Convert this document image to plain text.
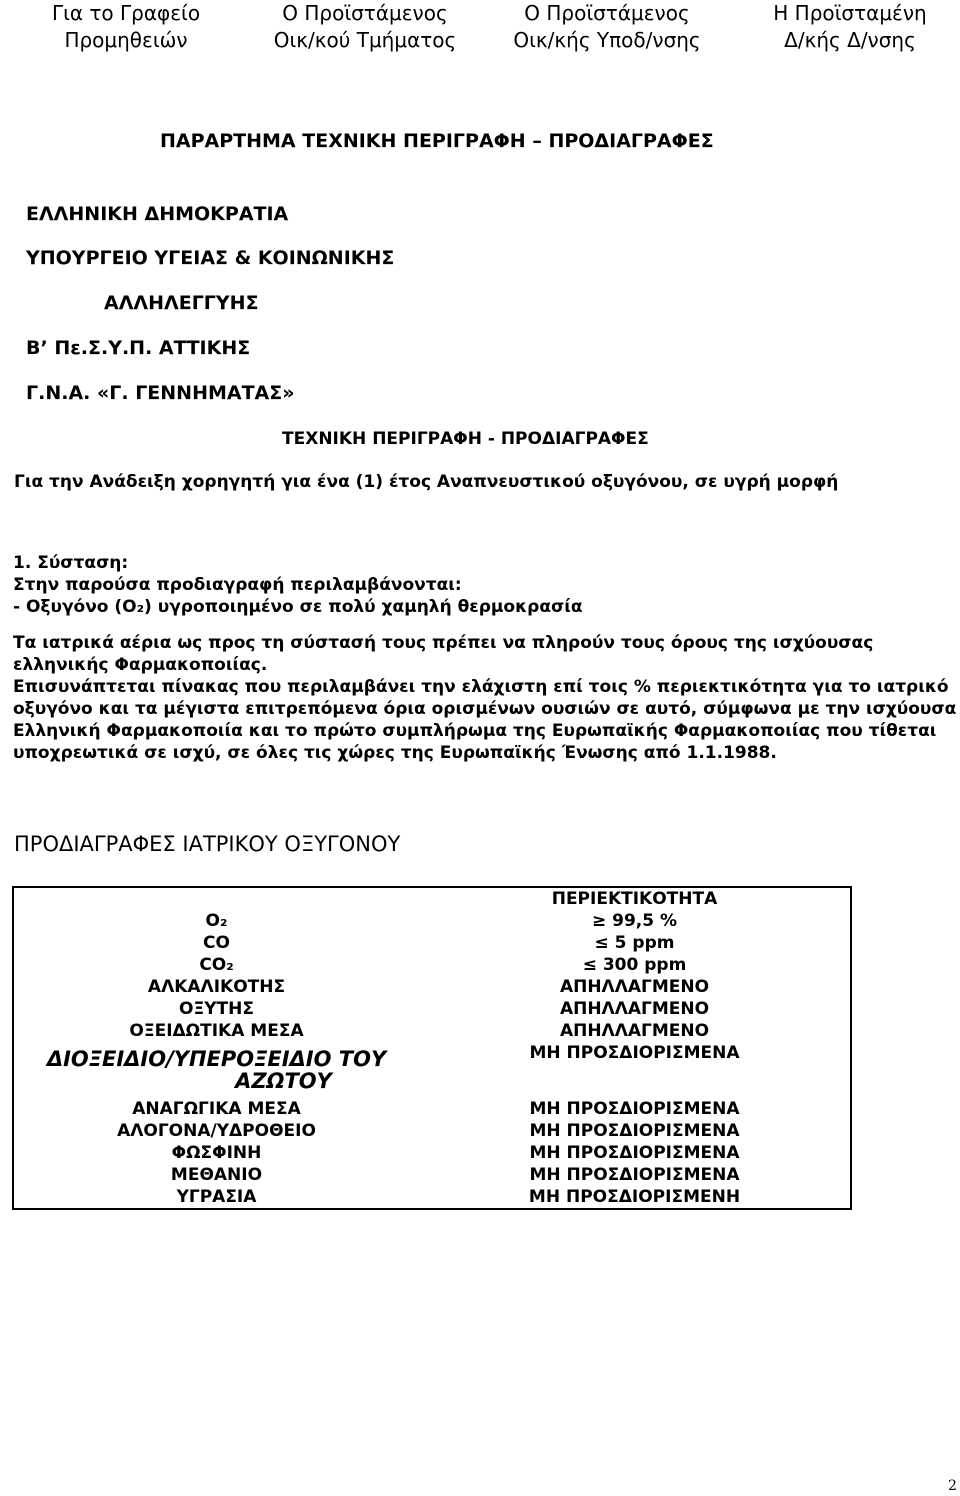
Για το Γραφείο
Προμηθειών
Ο Προϊστάμενος
Οικ/κού Τμήματος
Ο Προϊστάμενος
Οικ/κής Υποδ/νσης
Η Προϊσταμένη
Δ/κής Δ/νσης
ΠΑΡΑΡΤΗΜΑ ΤΕΧΝΙΚΗ ΠΕΡΙΓΡΑΦΗ – ΠΡΟΔΙΑΓΡΑΦΕΣ
ΕΛΛΗΝΙΚΗ ΔΗΜΟΚΡΑΤΙΑ
ΥΠΟΥΡΓΕΙΟ ΥΓΕΙΑΣ & ΚΟΙΝΩΝΙΚΗΣ
ΑΛΛΗΛΕΓΓΥΗΣ
Β’ Πε.Σ.Υ.Π. ΑΤΤΙΚΗΣ
Γ.Ν.Α. «Γ. ΓΕΝΝΗΜΑΤΑΣ»
ΤΕΧΝΙΚΗ ΠΕΡΙΓΡΑΦΗ - ΠΡΟΔΙΑΓΡΑΦΕΣ
Για την Ανάδειξη χορηγητή για ένα (1) έτος Αναπνευστικού οξυγόνου, σε υγρή μορφή

1. Σύσταση:

Στην παρούσα προδιαγραφή περιλαμβάνονται:

- Οξυγόνο (Ο₂) υγροποιημένο σε πολύ χαμηλή θερμοκρασία

Τα ιατρικά αέρια ως προς τη σύστασή τους πρέπει να πληρούν τους όρους της ισχύουσας ελληνικής Φαρμακοποιίας.

Επισυνάπτεται πίνακας που περιλαμβάνει την ελάχιστη επί τοις % περιεκτικότητα για το ιατρικό οξυγόνο και τα μέγιστα επιτρεπόμενα όρια ορισμένων ουσιών σε αυτό, σύμφωνα με την ισχύουσα Ελληνική Φαρμακοποιία και το πρώτο συμπλήρωμα της Ευρωπαϊκής Φαρμακοποιίας που τίθεται υποχρεωτικά σε ισχύ, σε όλες τις χώρες της Ευρωπαϊκής Ένωσης από 1.1.1988.

ΠΡΟΔΙΑΓΡΑΦΕΣ ΙΑΤΡΙΚΟΥ ΟΞΥΓΟΝΟΥ
	ΠΕΡΙΕΚΤΙΚΟΤΗΤΑ
Ο₂	≥ 99,5 %
CO	≤ 5 ppm
CO₂	≤ 300 ppm
ΑΛΚΑΛΙΚΟΤΗΣ	ΑΠΗΛΛΑΓΜΕΝΟ
ΟΞΥΤΗΣ	ΑΠΗΛΛΑΓΜΕΝΟ
ΟΞΕΙΔΩΤΙΚΑ ΜΕΣΑ	ΑΠΗΛΛΑΓΜΕΝΟ

ΔΙΟΞΕΙΔΙΟ/ΥΠΕΡΟΞΕΙΔΙΟ ΤΟΥ
ΑΖΩΤΟΥ	ΜΗ ΠΡΟΣΔΙΟΡΙΣΜΕΝΑ
ΑΝΑΓΩΓΙΚΑ ΜΕΣΑ	ΜΗ ΠΡΟΣΔΙΟΡΙΣΜΕΝΑ
ΑΛΟΓΟΝΑ/ΥΔΡΟΘΕΙΟ	ΜΗ ΠΡΟΣΔΙΟΡΙΣΜΕΝΑ
ΦΩΣΦΙΝΗ	ΜΗ ΠΡΟΣΔΙΟΡΙΣΜΕΝΑ
ΜΕΘΑΝΙΟ	ΜΗ ΠΡΟΣΔΙΟΡΙΣΜΕΝΑ
ΥΓΡΑΣΙΑ	ΜΗ ΠΡΟΣΔΙΟΡΙΣΜΕΝΗ
2
